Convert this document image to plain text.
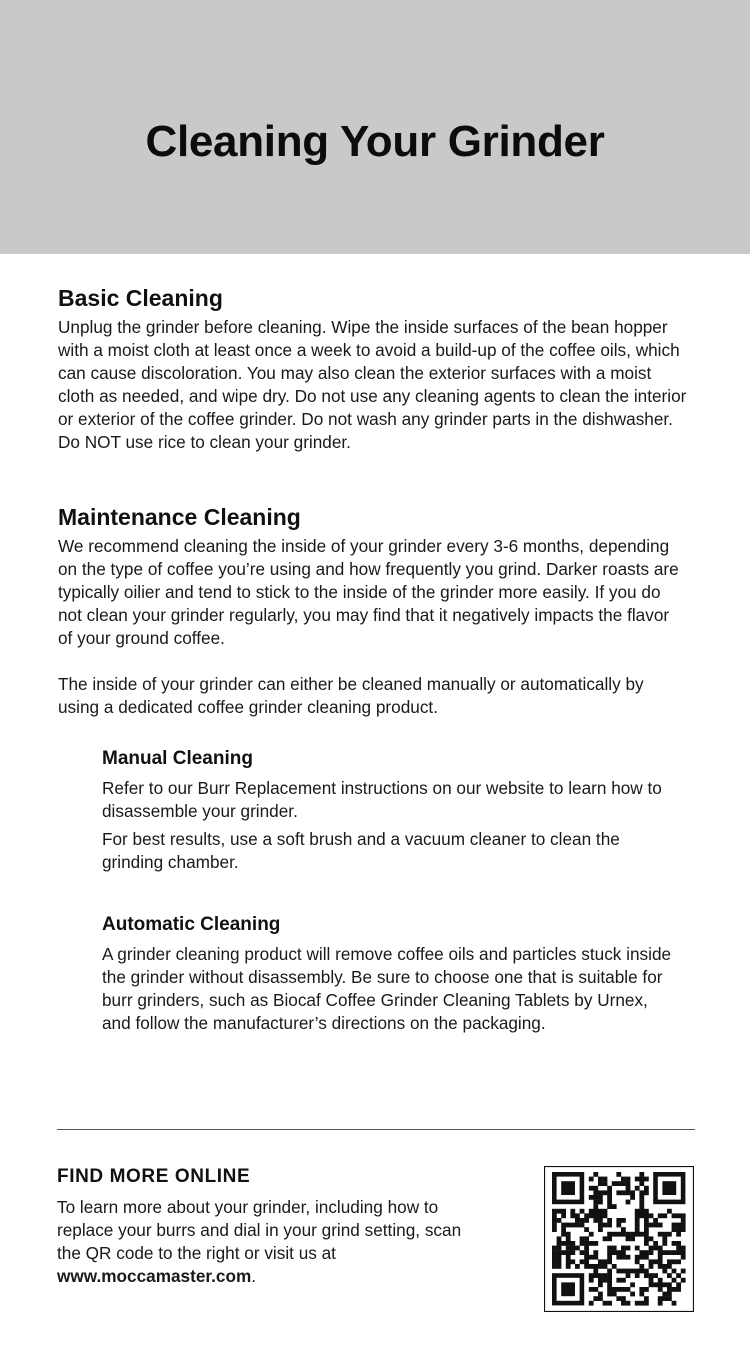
Cleaning Your Grinder
Basic Cleaning

Unplug the grinder before cleaning. Wipe the inside surfaces of the bean hopper with a moist cloth at least once a week to avoid a build-up of the coffee oils, which can cause discoloration. You may also clean the exterior surfaces with a moist cloth as needed, and wipe dry. Do not use any cleaning agents to clean the interior or exterior of the coffee grinder. Do not wash any grinder parts in the dishwasher. Do NOT use rice to clean your grinder.

Maintenance Cleaning

We recommend cleaning the inside of your grinder every 3-6 months, depending on the type of coffee you’re using and how frequently you grind. Darker roasts are typically oilier and tend to stick to the inside of the grinder more easily. If you do not clean your grinder regularly, you may find that it negatively impacts the flavor of your ground coffee.

The inside of your grinder can either be cleaned manually or automatically by using a dedicated coffee grinder cleaning product.

Manual Cleaning

Refer to our Burr Replacement instructions on our website to learn how to disassemble your grinder.

For best results, use a soft brush and a vacuum cleaner to clean the grinding chamber.

Automatic Cleaning

A grinder cleaning product will remove coffee oils and particles stuck inside the grinder without disassembly. Be sure to choose one that is suitable for burr grinders, such as Biocaf Coffee Grinder Cleaning Tablets by Urnex, and follow the manufacturer’s directions on the packaging.

FIND MORE ONLINE

To learn more about your grinder, including how to replace your burrs and dial in your grind setting, scan the QR code to the right or visit us at www.moccamaster.com.
